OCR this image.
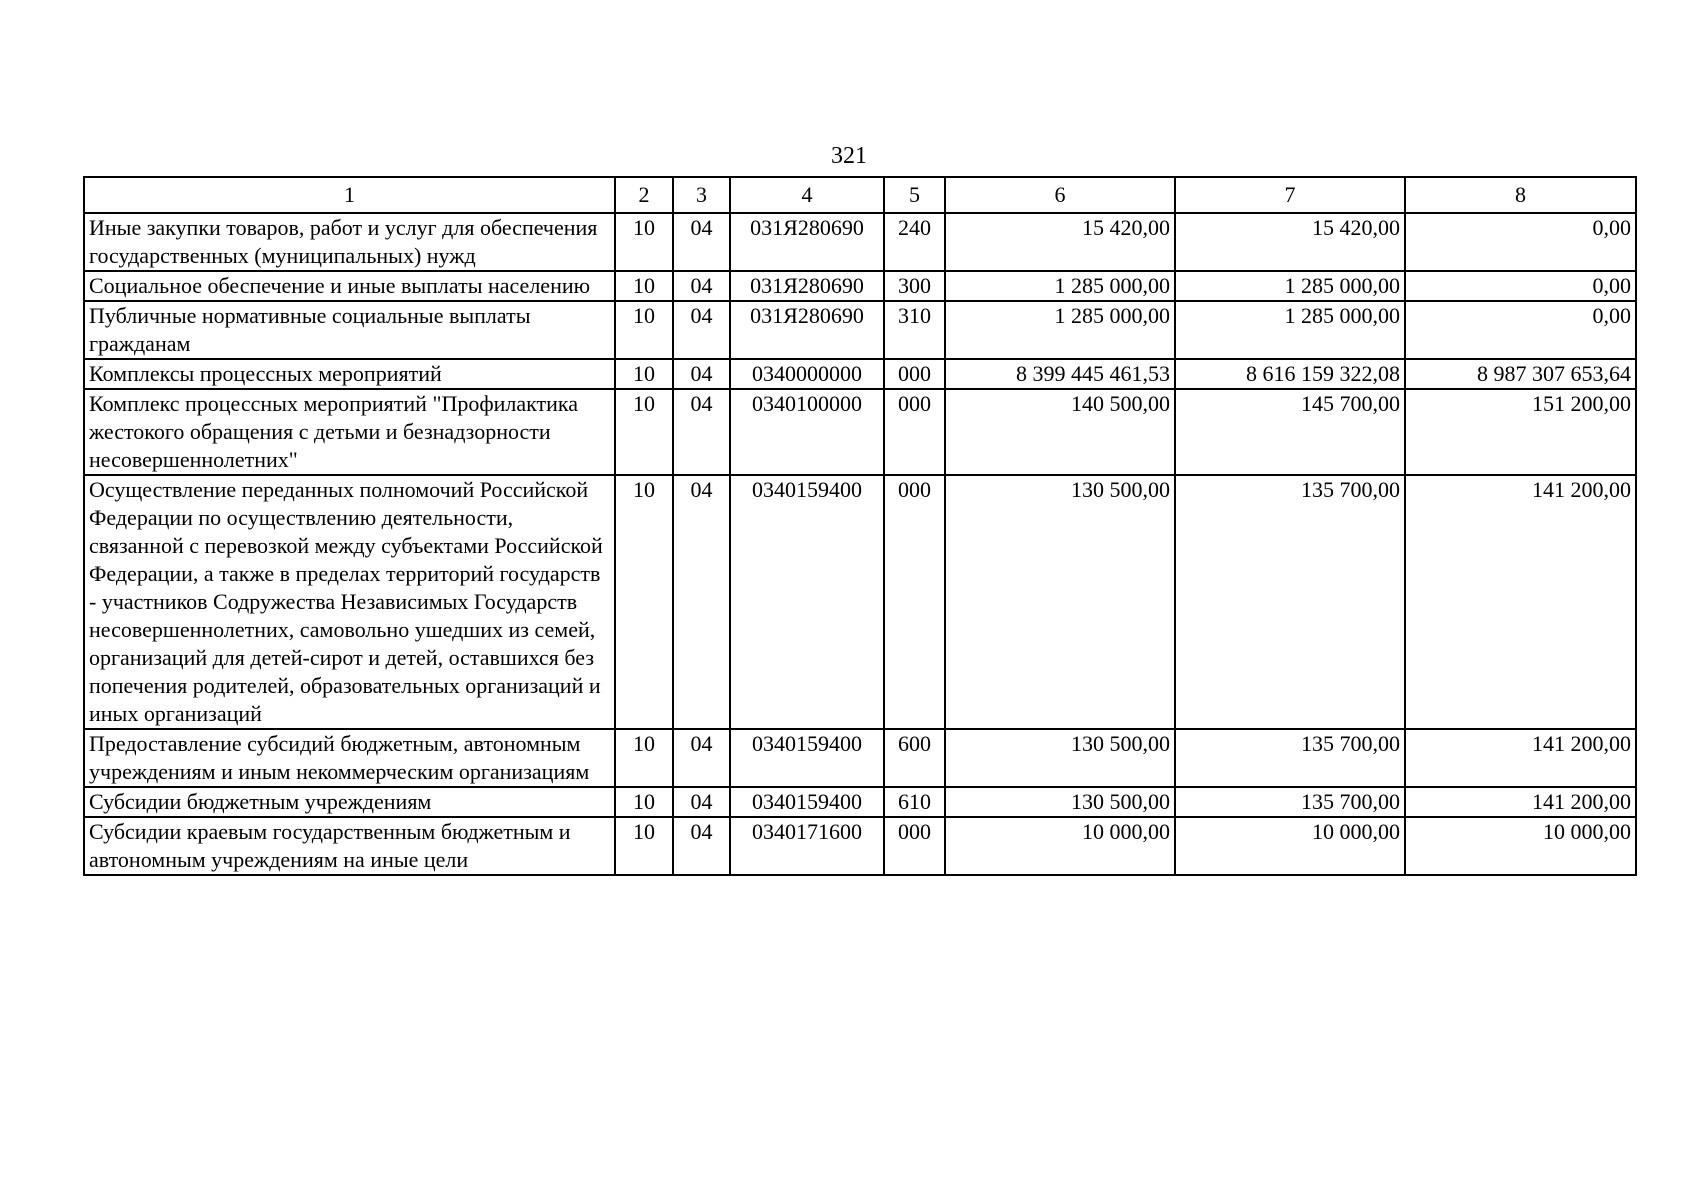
321
1	2	3	4	5	6	7	8
Иные закупки товаров, работ и услуг для обеспечения государственных (муниципальных) нужд	10	04	031Я280690	240	15 420,00	15 420,00	0,00
Социальное обеспечение и иные выплаты населению	10	04	031Я280690	300	1 285 000,00	1 285 000,00	0,00
Публичные нормативные социальные выплаты гражданам	10	04	031Я280690	310	1 285 000,00	1 285 000,00	0,00
Комплексы процессных мероприятий	10	04	0340000000	000	8 399 445 461,53	8 616 159 322,08	8 987 307 653,64
Комплекс процессных мероприятий "Профилактика жестокого обращения с детьми и безнадзорности несовершеннолетних"	10	04	0340100000	000	140 500,00	145 700,00	151 200,00
Осуществление переданных полномочий Российской Федерации по осуществлению деятельности, связанной с перевозкой между субъектами Российской Федерации, а также в пределах территорий государств - участников Содружества Независимых Государств несовершеннолетних, самовольно ушедших из семей, организаций для детей-сирот и детей, оставшихся без попечения родителей, образовательных организаций и иных организаций	10	04	0340159400	000	130 500,00	135 700,00	141 200,00
Предоставление субсидий бюджетным, автономным учреждениям и иным некоммерческим организациям	10	04	0340159400	600	130 500,00	135 700,00	141 200,00
Субсидии бюджетным учреждениям	10	04	0340159400	610	130 500,00	135 700,00	141 200,00
Субсидии краевым государственным бюджетным и автономным учреждениям на иные цели	10	04	0340171600	000	10 000,00	10 000,00	10 000,00
